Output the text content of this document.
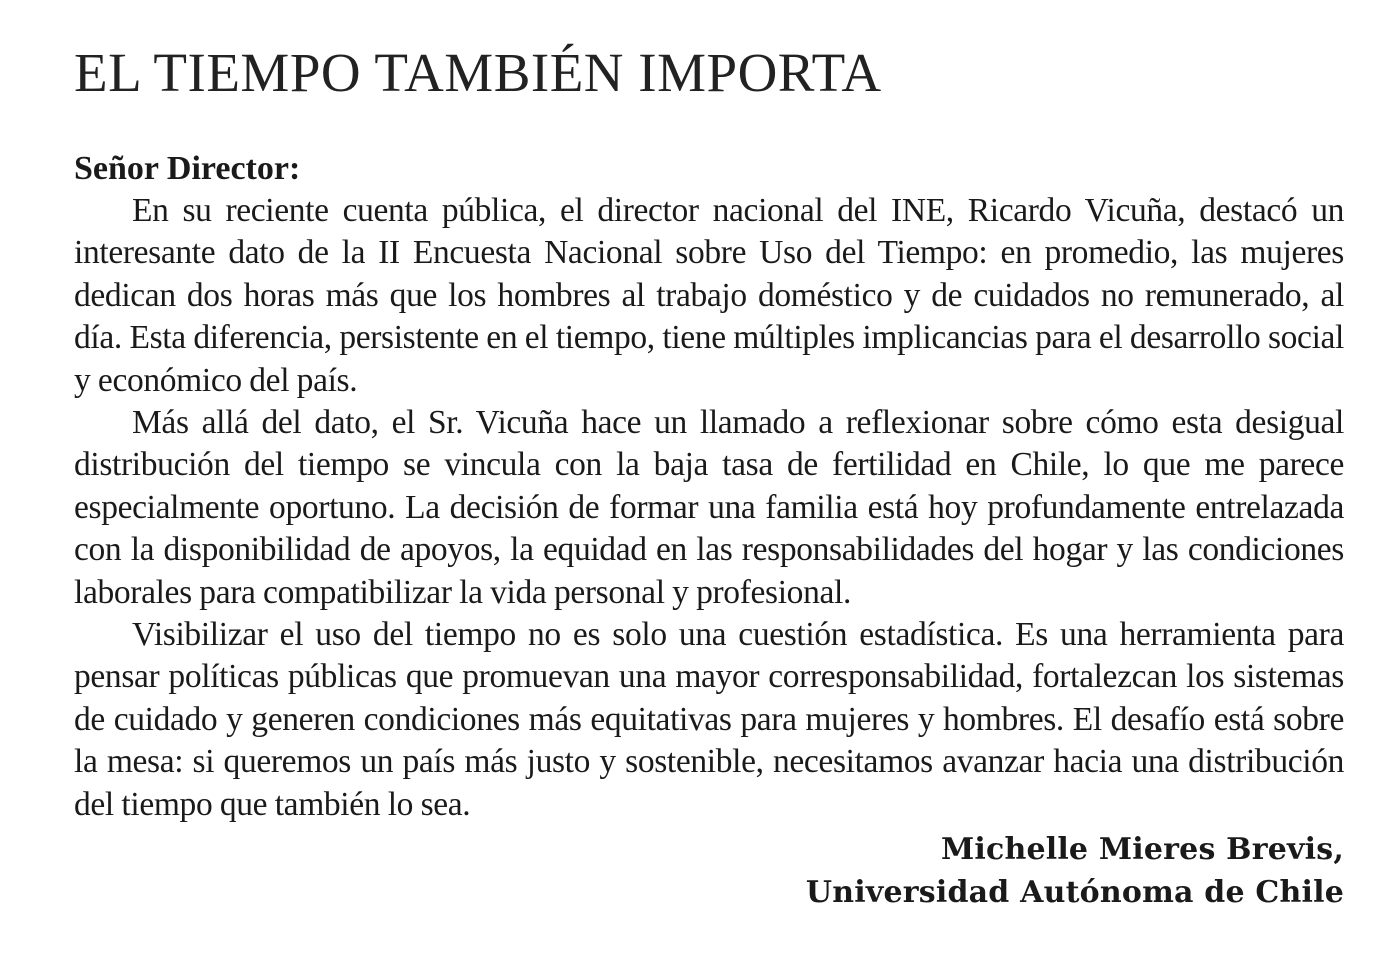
EL TIEMPO TAMBIÉN IMPORTA

Señor Director:

En su reciente cuenta pública, el director nacional del INE, Ricardo Vicuña, destacó un interesante dato de la II Encuesta Nacional sobre Uso del Tiempo: en promedio, las mujeres dedican dos horas más que los hombres al trabajo doméstico y de cuidados no remunerado, al día. Esta diferencia, persistente en el tiempo, tiene múltiples implicancias para el desarrollo social y económico del país.

Más allá del dato, el Sr. Vicuña hace un llamado a reflexionar sobre cómo esta desigual distribución del tiempo se vincula con la baja tasa de fertilidad en Chile, lo que me parece especialmente oportuno. La decisión de formar una familia está hoy profundamente entrelazada con la disponibilidad de apoyos, la equidad en las responsabilidades del hogar y las condiciones laborales para compatibilizar la vida personal y profesional.

Visibilizar el uso del tiempo no es solo una cuestión estadística. Es una herramienta para pensar políticas públicas que promuevan una mayor corresponsabilidad, fortalezcan los sistemas de cuidado y generen condiciones más equitativas para mujeres y hombres. El desafío está sobre la mesa: si queremos un país más justo y sostenible, necesitamos avanzar hacia una distribución del tiempo que también lo sea.

Michelle Mieres Brevis,
Universidad Autónoma de Chile
